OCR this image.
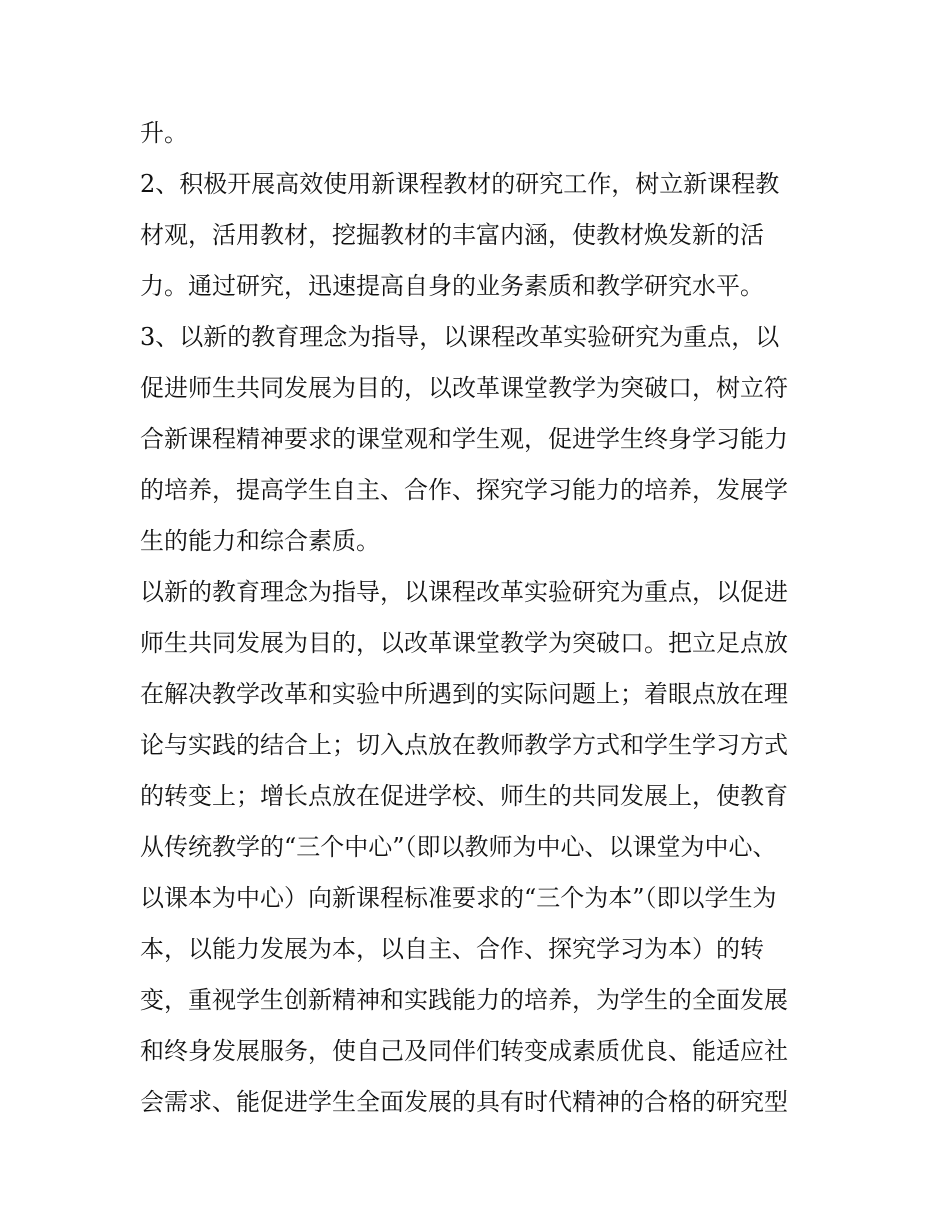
升。
2、积极开展高效使用新课程教材的研究工作，树立新课程教
材观，活用教材，挖掘教材的丰富内涵，使教材焕发新的活
力。通过研究，迅速提高自身的业务素质和教学研究水平。
3、以新的教育理念为指导，以课程改革实验研究为重点，以
促进师生共同发展为目的，以改革课堂教学为突破口，树立符
合新课程精神要求的课堂观和学生观，促进学生终身学习能力
的培养，提高学生自主、合作、探究学习能力的培养，发展学
生的能力和综合素质。
以新的教育理念为指导，以课程改革实验研究为重点，以促进
师生共同发展为目的，以改革课堂教学为突破口。把立足点放
在解决教学改革和实验中所遇到的实际问题上；着眼点放在理
论与实践的结合上；切入点放在教师教学方式和学生学习方式
的转变上；增长点放在促进学校、师生的共同发展上，使教育
从传统教学的“三个中心”（即以教师为中心、以课堂为中心、
以课本为中心）向新课程标准要求的“三个为本”（即以学生为
本，以能力发展为本，以自主、合作、探究学习为本）的转
变，重视学生创新精神和实践能力的培养，为学生的全面发展
和终身发展服务，使自己及同伴们转变成素质优良、能适应社
会需求、能促进学生全面发展的具有时代精神的合格的研究型
